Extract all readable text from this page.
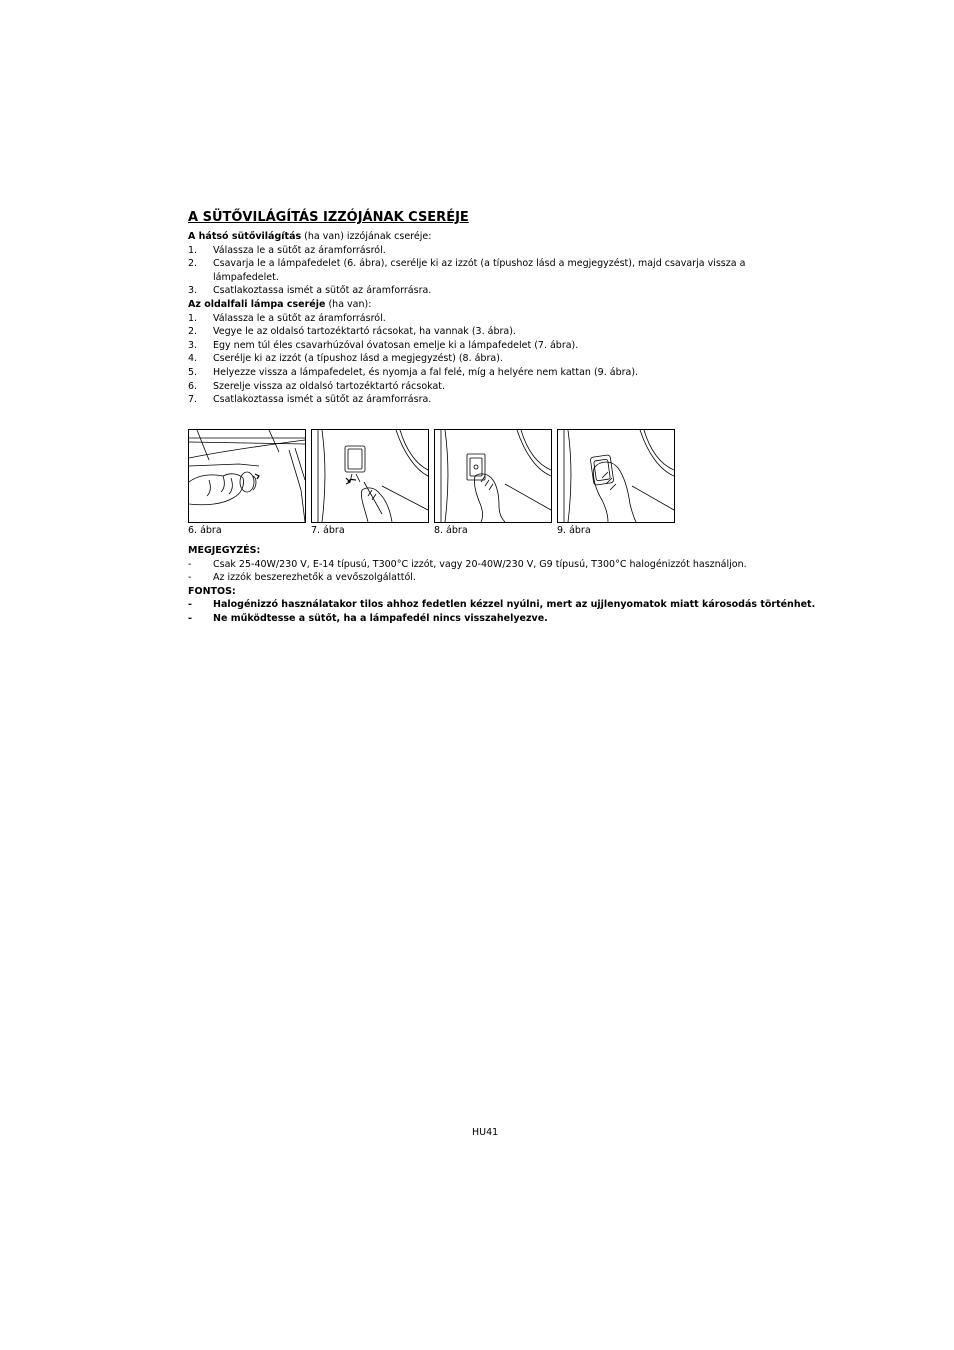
A SÜTŐVILÁGÍTÁS IZZÓJÁNAK CSERÉJE

A hátsó sütővilágítás (ha van) izzójának cseréje:

1. Válassza le a sütőt az áramforrásról.
2. Csavarja le a lámpafedelet (6. ábra), cserélje ki az izzót (a típushoz lásd a megjegyzést), majd csavarja vissza a lámpafedelet.
3. Csatlakoztassa ismét a sütőt az áramforrásra.

Az oldalfali lámpa cseréje (ha van):

1. Válassza le a sütőt az áramforrásról.
2. Vegye le az oldalsó tartozéktartó rácsokat, ha vannak (3. ábra).
3. Egy nem túl éles csavarhúzóval óvatosan emelje ki a lámpafedelet (7. ábra).
4. Cserélje ki az izzót (a típushoz lásd a megjegyzést) (8. ábra).
5. Helyezze vissza a lámpafedelet, és nyomja a fal felé, míg a helyére nem kattan (9. ábra).
6. Szerelje vissza az oldalsó tartozéktartó rácsokat.
7. Csatlakoztassa ismét a sütőt az áramforrásra.
6. ábra	7. ábra	8. ábra	9. ábra

MEGJEGYZÉS:

- Csak 25-40W/230 V, E-14 típusú, T300°C izzót, vagy 20-40W/230 V, G9 típusú, T300°C halogénizzót használjon.
- Az izzók beszerezhetők a vevőszolgálattól.

FONTOS:

- Halogénizzó használatakor tilos ahhoz fedetlen kézzel nyúlni, mert az ujjlenyomatok miatt károsodás történhet.
- Ne működtesse a sütőt, ha a lámpafedél nincs visszahelyezve.
HU41
